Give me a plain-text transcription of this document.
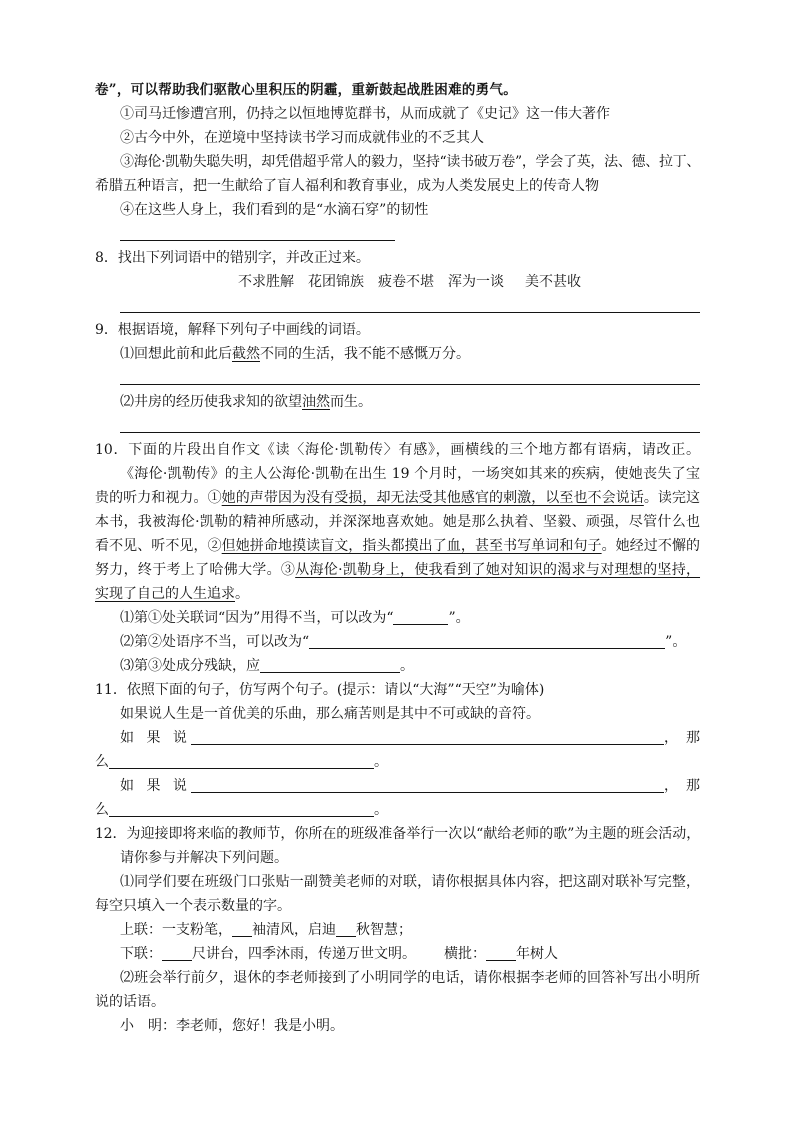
卷”，可以帮助我们驱散心里积压的阴霾，重新鼓起战胜困难的勇气。
①司马迁惨遭宫刑，仍持之以恒地博览群书，从而成就了《史记》这一伟大著作
②古今中外，在逆境中坚持读书学习而成就伟业的不乏其人
③海伦·凯勒失聪失明，却凭借超乎常人的毅力，坚持“读书破万卷”，学会了英，法、德、拉丁、
希腊五种语言，把一生献给了盲人福利和教育事业，成为人类发展史上的传奇人物
④在这些人身上，我们看到的是“水滴石穿”的韧性
8．找出下列词语中的错别字，并改正过来。
不求胜解 花团锦族 疲卷不堪 浑为一谈 美不甚收
9．根据语境，解释下列句子中画线的词语。
⑴回想此前和此后截然不同的生活，我不能不感慨万分。
⑵井房的经历使我求知的欲望油然而生。
10．下面的片段出自作文《读〈海伦·凯勒传〉有感》，画横线的三个地方都有语病，请改正。
《海伦·凯勒传》的主人公海伦·凯勒在出生 19 个月时，一场突如其来的疾病，使她丧失了宝
贵的听力和视力。①她的声带因为没有受损，却无法受其他感官的刺激，以至也不会说话。读完这
本书，我被海伦·凯勒的精神所感动，并深深地喜欢她。她是那么执着、坚毅、顽强，尽管什么也
看不见、听不见，②但她拼命地摸读盲文，指头都摸出了血，甚至书写单词和句子。她经过不懈的
努力，终于考上了哈佛大学。③从海伦·凯勒身上，使我看到了她对知识的渴求与对理想的坚持，
实现了自己的人生追求。
⑴第①处关联词“因为”用得不当，可以改为“	”。
⑵第②处语序不当，可以改为“	”。
⑶第③处成分残缺，应	。
11．依照下面的句子，仿写两个句子。(提示：请以“大海”“天空”为喻体)
如果说人生是一首优美的乐曲，那么痛苦则是其中不可或缺的音符。
如 果 说	， 那
么	。
如 果 说	， 那
么	。
12．为迎接即将来临的教师节，你所在的班级准备举行一次以“献给老师的歌”为主题的班会活动，
请你参与并解决下列问题。
⑴同学们要在班级门口张贴一副赞美老师的对联，请你根据具体内容，把这副对联补写完整，
每空只填入一个表示数量的字。
上联：一支粉笔， 袖清风，启迪 秋智慧；
下联： 尺讲台，四季沐雨，传递万世文明。 横批： 年树人
⑵班会举行前夕，退休的李老师接到了小明同学的电话，请你根据李老师的回答补写出小明所
说的话语。
小　明：李老师，您好！我是小明。
